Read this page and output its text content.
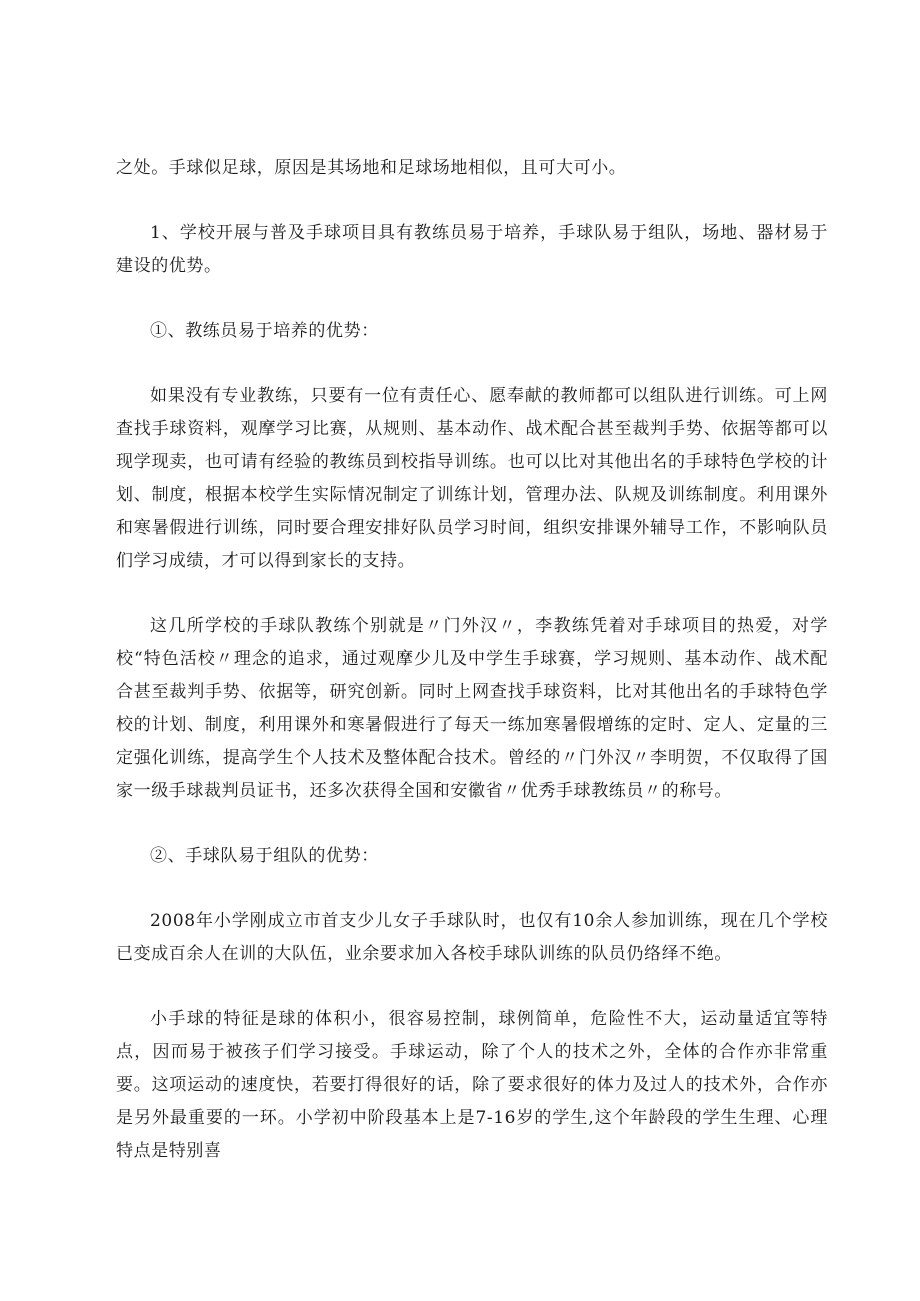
之处。手球似足球，原因是其场地和足球场地相似，且可大可小。

1、学校开展与普及手球项目具有教练员易于培养，手球队易于组队，场地、器材易于建设的优势。

①、教练员易于培养的优势：

如果没有专业教练，只要有一位有责任心、愿奉献的教师都可以组队进行训练。可上网查找手球资料，观摩学习比赛，从规则、基本动作、战术配合甚至裁判手势、依据等都可以现学现卖，也可请有经验的教练员到校指导训练。也可以比对其他出名的手球特色学校的计划、制度，根据本校学生实际情况制定了训练计划，管理办法、队规及训练制度。利用课外和寒暑假进行训练，同时要合理安排好队员学习时间，组织安排课外辅导工作，不影响队员们学习成绩，才可以得到家长的支持。

这几所学校的手球队教练个别就是〃门外汉〃，李教练凭着对手球项目的热爱，对学校“特色活校〃理念的追求，通过观摩少儿及中学生手球赛，学习规则、基本动作、战术配合甚至裁判手势、依据等，研究创新。同时上网查找手球资料，比对其他出名的手球特色学校的计划、制度，利用课外和寒暑假进行了每天一练加寒暑假增练的定时、定人、定量的三定强化训练，提高学生个人技术及整体配合技术。曾经的〃门外汉〃李明贺，不仅取得了国家一级手球裁判员证书，还多次获得全国和安徽省〃优秀手球教练员〃的称号。

②、手球队易于组队的优势：

2008年小学刚成立市首支少儿女子手球队时，也仅有10余人参加训练，现在几个学校已变成百余人在训的大队伍，业余要求加入各校手球队训练的队员仍络绎不绝。

小手球的特征是球的体积小，很容易控制，球例简单，危险性不大，运动量适宜等特点，因而易于被孩子们学习接受。手球运动，除了个人的技术之外，全体的合作亦非常重要。这项运动的速度快，若要打得很好的话，除了要求很好的体力及过人的技术外，合作亦是另外最重要的一环。小学初中阶段基本上是7-16岁的学生,这个年龄段的学生生理、心理特点是特别喜
